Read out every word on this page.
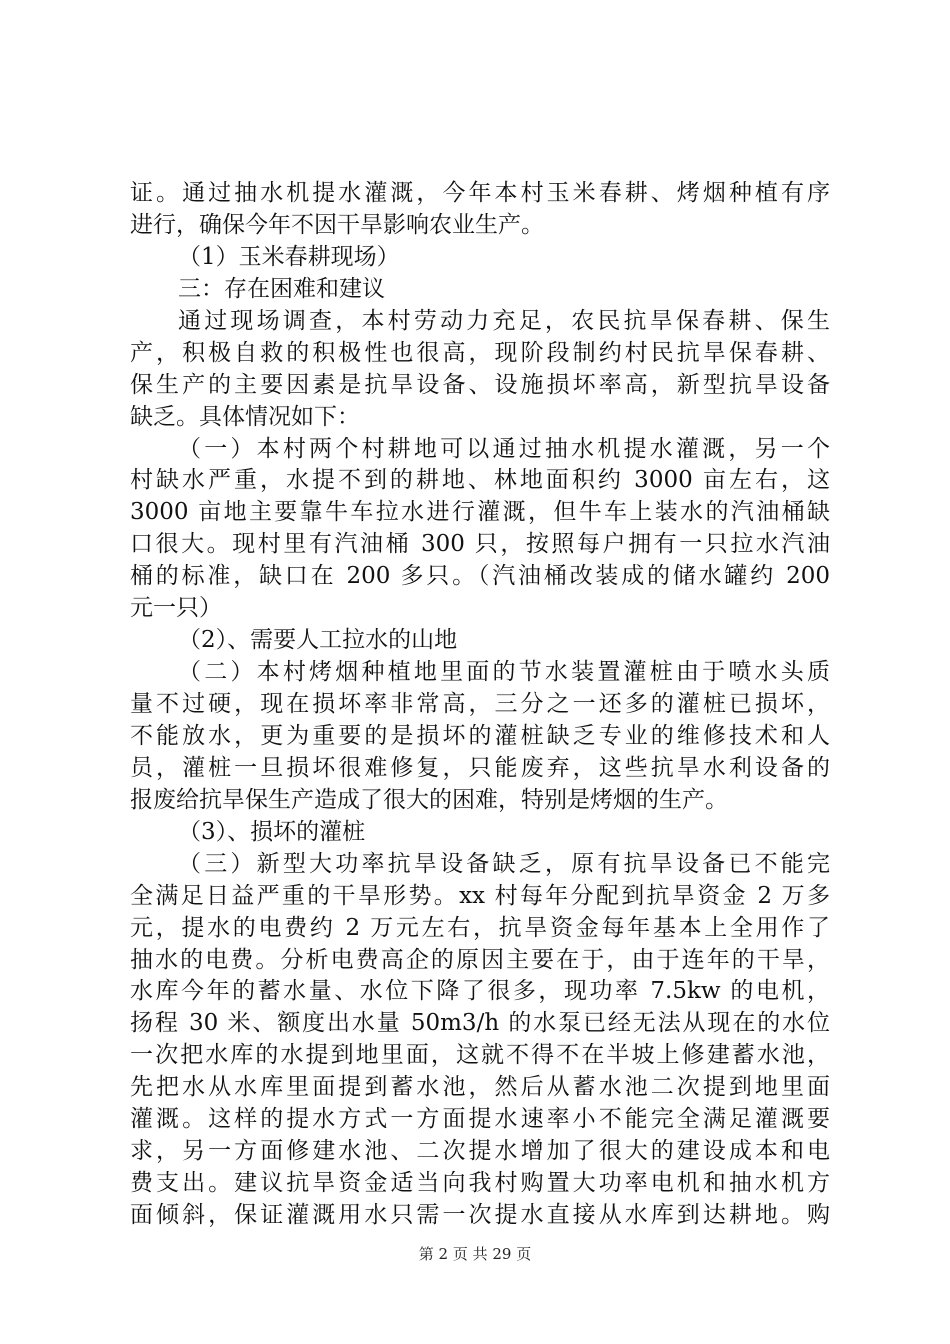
证。通过抽水机提水灌溉，今年本村玉米春耕、烤烟种植有序
进行，确保今年不因干旱影响农业生产。
（1）玉米春耕现场）
三：存在困难和建议
通过现场调查，本村劳动力充足，农民抗旱保春耕、保生
产，积极自救的积极性也很高，现阶段制约村民抗旱保春耕、
保生产的主要因素是抗旱设备、设施损坏率高，新型抗旱设备
缺乏。具体情况如下：
（一）本村两个村耕地可以通过抽水机提水灌溉，另一个
村缺水严重，水提不到的耕地、林地面积约 3000 亩左右，这
3000 亩地主要靠牛车拉水进行灌溉，但牛车上装水的汽油桶缺
口很大。现村里有汽油桶 300 只，按照每户拥有一只拉水汽油
桶的标准，缺口在 200 多只。（汽油桶改装成的储水罐约 200
元一只）
（2）、需要人工拉水的山地
（二）本村烤烟种植地里面的节水装置灌桩由于喷水头质
量不过硬，现在损坏率非常高，三分之一还多的灌桩已损坏，
不能放水，更为重要的是损坏的灌桩缺乏专业的维修技术和人
员，灌桩一旦损坏很难修复，只能废弃，这些抗旱水利设备的
报废给抗旱保生产造成了很大的困难，特别是烤烟的生产。
（3）、损坏的灌桩
（三）新型大功率抗旱设备缺乏，原有抗旱设备已不能完
全满足日益严重的干旱形势。xx 村每年分配到抗旱资金 2 万多
元，提水的电费约 2 万元左右，抗旱资金每年基本上全用作了
抽水的电费。分析电费高企的原因主要在于，由于连年的干旱，
水库今年的蓄水量、水位下降了很多，现功率 7.5kw 的电机，
扬程 30 米、额度出水量 50m3/h 的水泵已经无法从现在的水位
一次把水库的水提到地里面，这就不得不在半坡上修建蓄水池，
先把水从水库里面提到蓄水池，然后从蓄水池二次提到地里面
灌溉。这样的提水方式一方面提水速率小不能完全满足灌溉要
求，另一方面修建水池、二次提水增加了很大的建设成本和电
费支出。建议抗旱资金适当向我村购置大功率电机和抽水机方
面倾斜，保证灌溉用水只需一次提水直接从水库到达耕地。购
第 2 页 共 29 页
